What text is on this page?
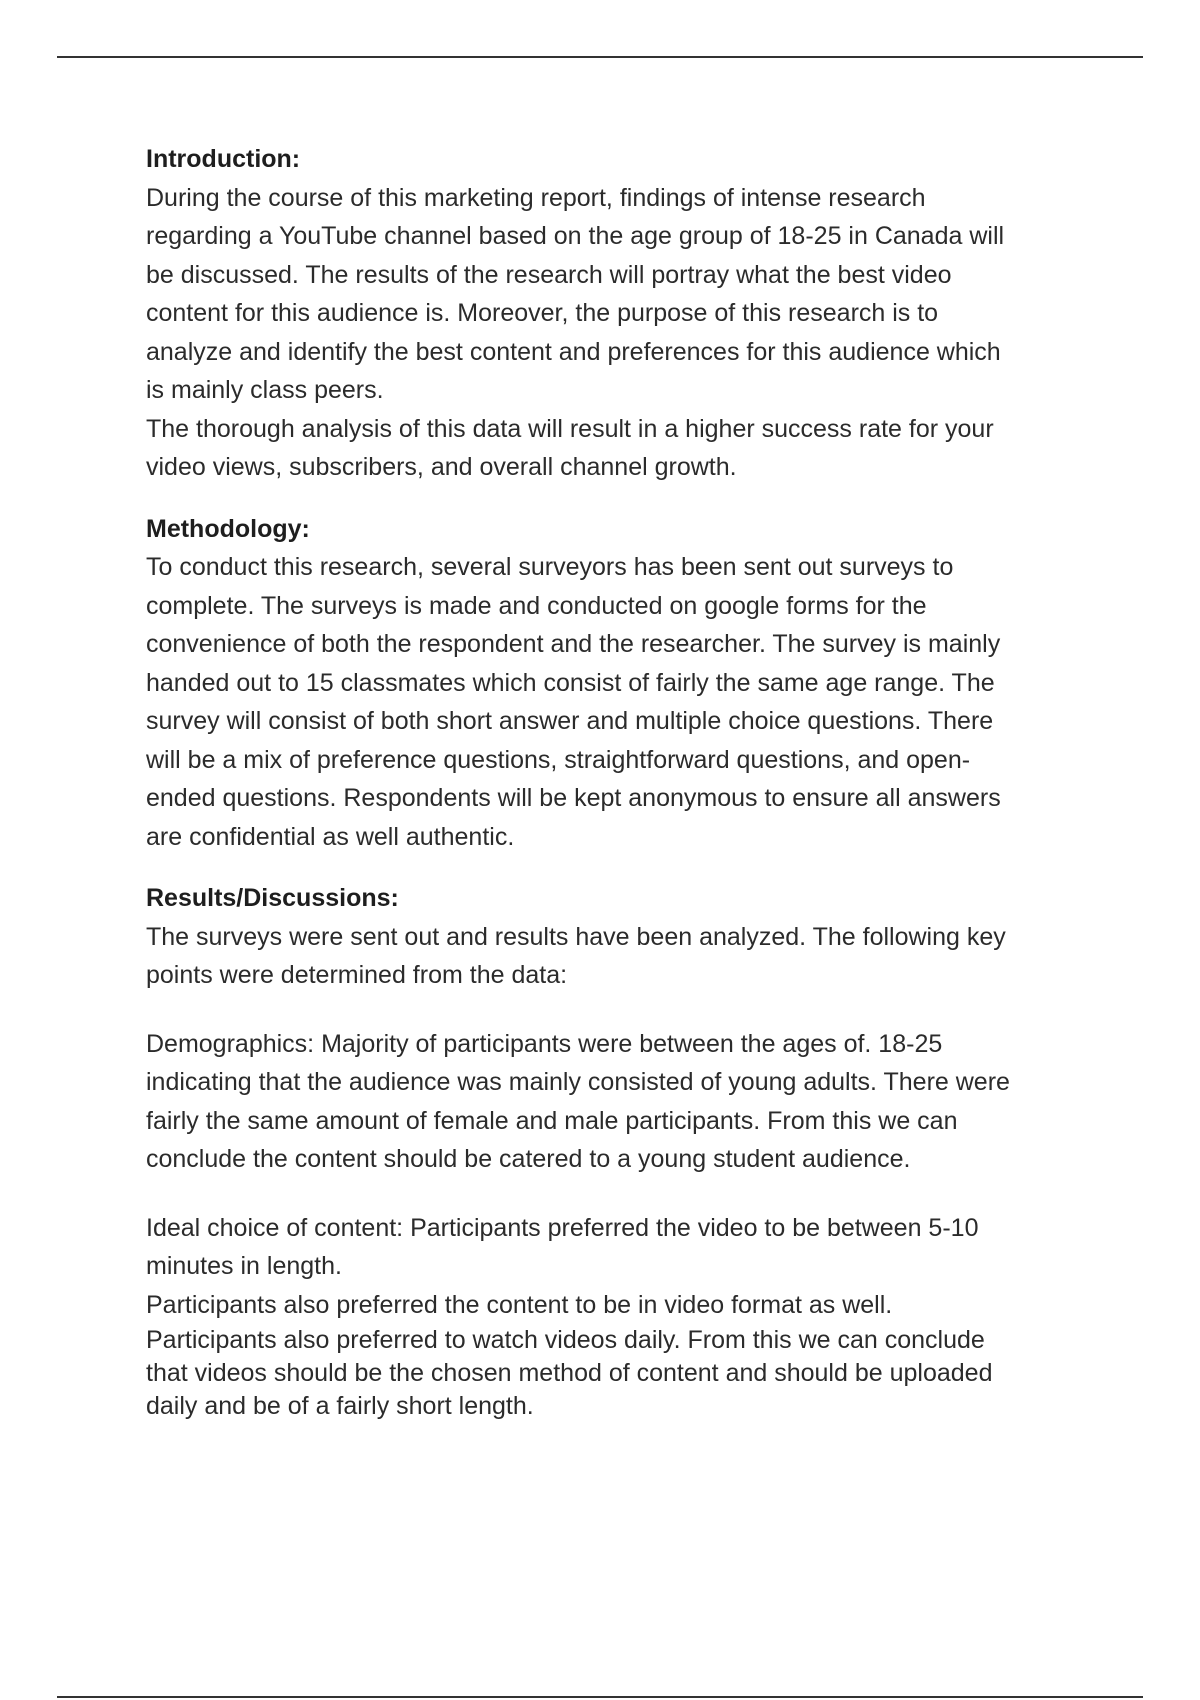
Introduction:

During the course of this marketing report, findings of intense research
regarding a YouTube channel based on the age group of 18-25 in Canada will
be discussed. The results of the research will portray what the best video
content for this audience is. Moreover, the purpose of this research is to
analyze and identify the best content and preferences for this audience which
is mainly class peers.

The thorough analysis of this data will result in a higher success rate for your
video views, subscribers, and overall channel growth.

Methodology:

To conduct this research, several surveyors has been sent out surveys to
complete. The surveys is made and conducted on google forms for the
convenience of both the respondent and the researcher. The survey is mainly
handed out to 15 classmates which consist of fairly the same age range. The
survey will consist of both short answer and multiple choice questions. There
will be a mix of preference questions, straightforward questions, and open-
ended questions. Respondents will be kept anonymous to ensure all answers
are confidential as well authentic.

Results/Discussions:

The surveys were sent out and results have been analyzed. The following key
points were determined from the data:

Demographics: Majority of participants were between the ages of. 18-25
indicating that the audience was mainly consisted of young adults. There were
fairly the same amount of female and male participants. From this we can
conclude the content should be catered to a young student audience.

Ideal choice of content: Participants preferred the video to be between 5-10
minutes in length.

Participants also preferred the content to be in video format as well.

Participants also preferred to watch videos daily. From this we can conclude
that videos should be the chosen method of content and should be uploaded
daily and be of a fairly short length.
